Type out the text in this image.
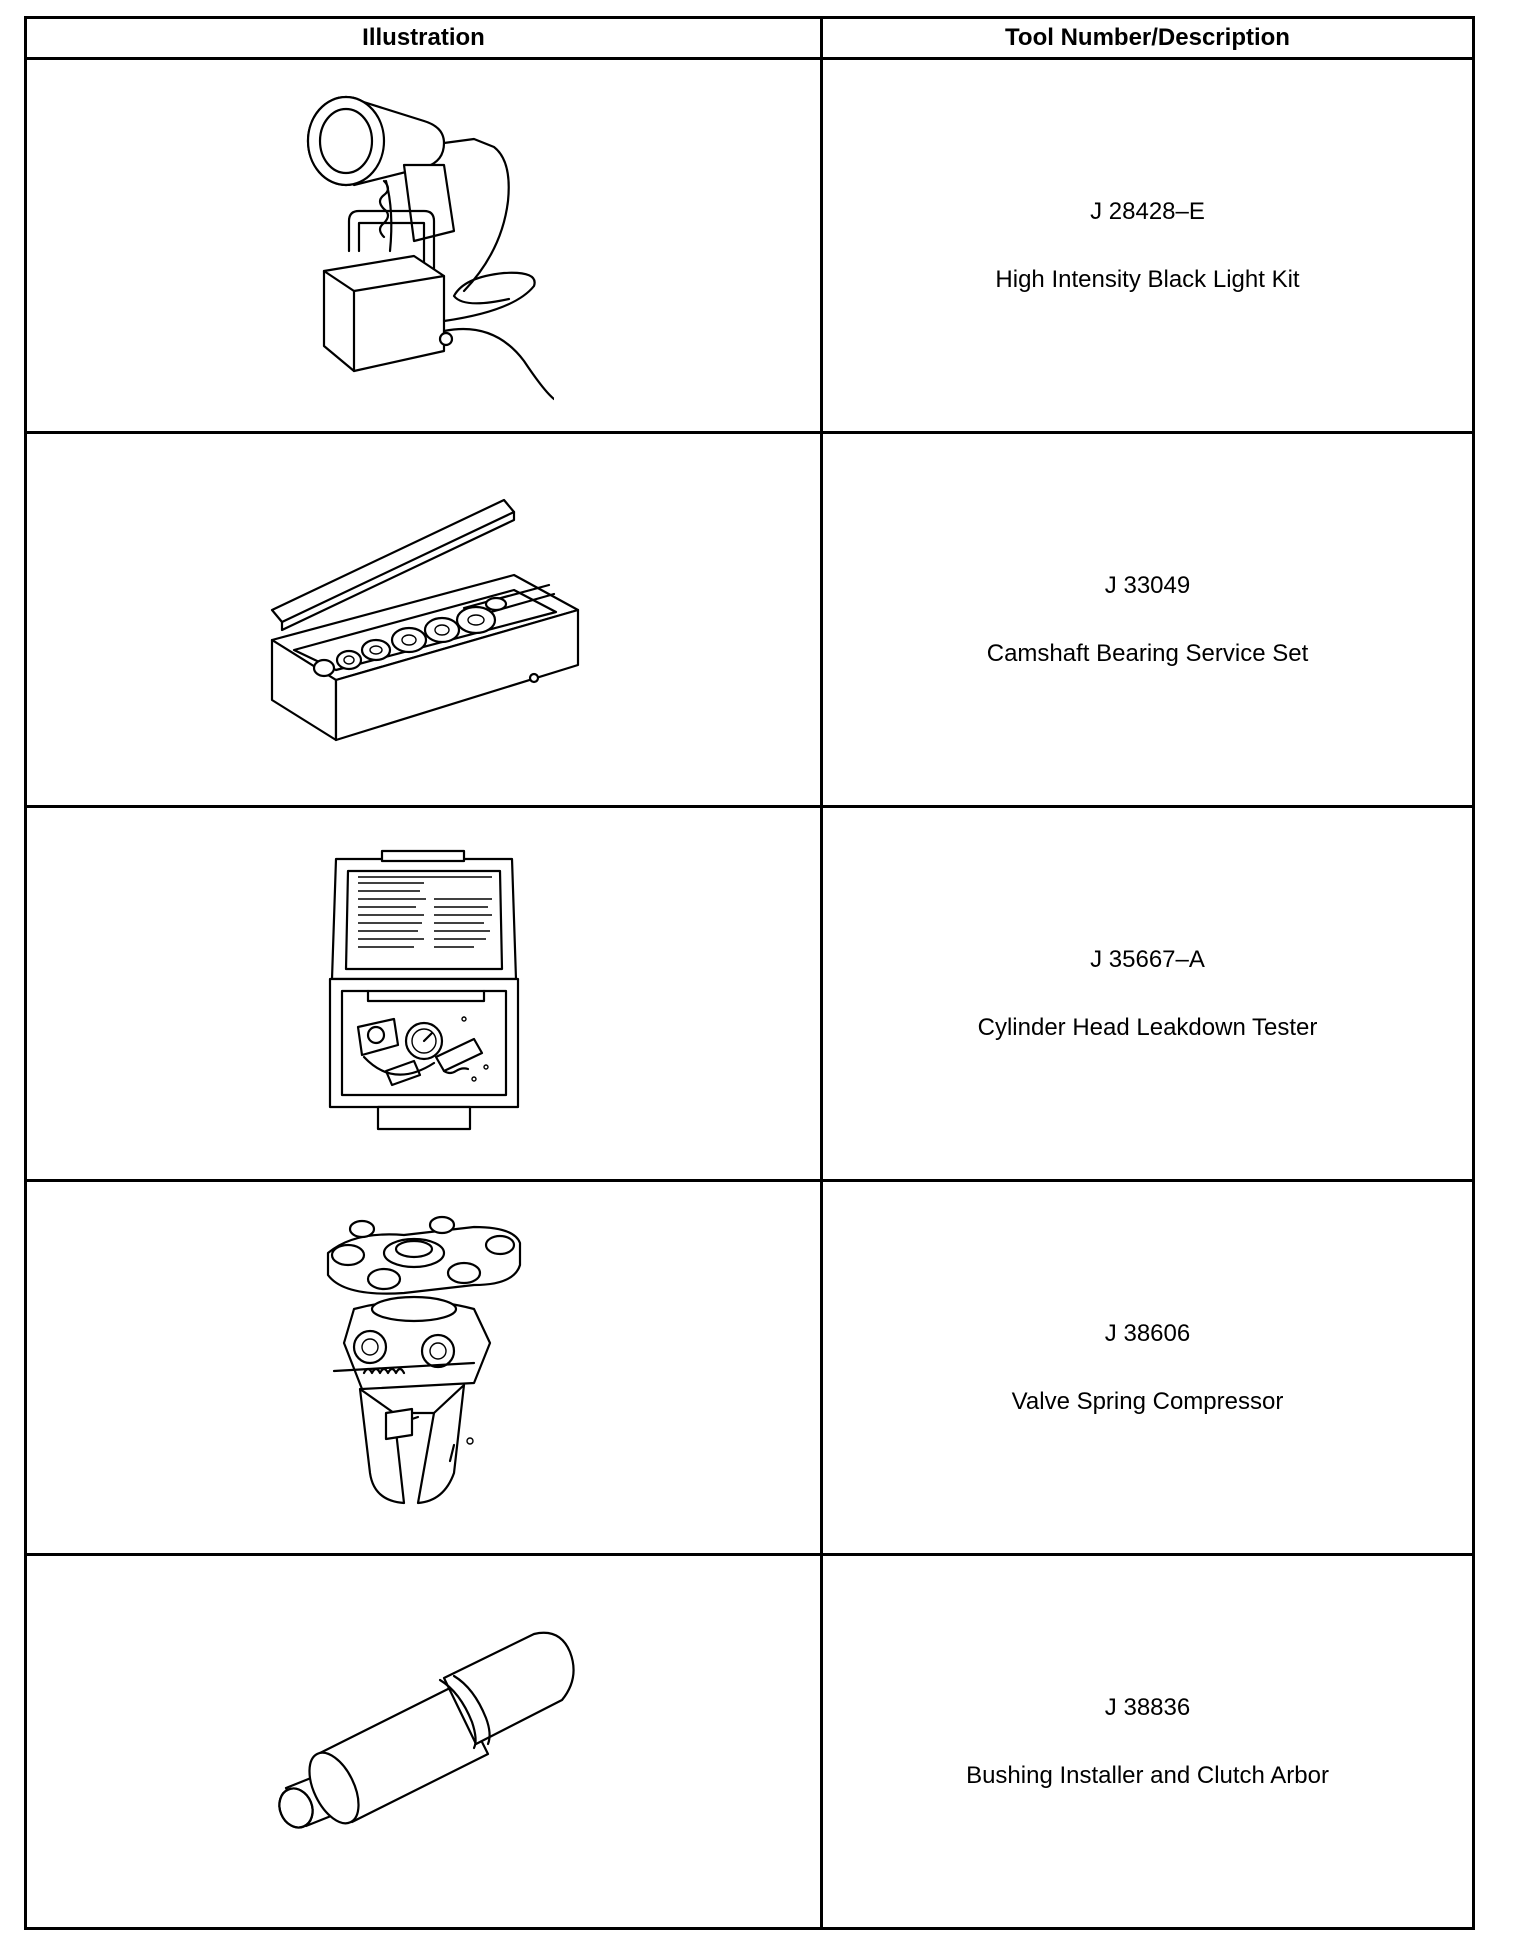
Illustration	Tool Number/Description

J 28428–E
High Intensity Black Light Kit

J 33049
Camshaft Bearing Service Set

J 35667–A
Cylinder Head Leakdown Tester

J 38606
Valve Spring Compressor

J 38836
Bushing Installer and Clutch Arbor
